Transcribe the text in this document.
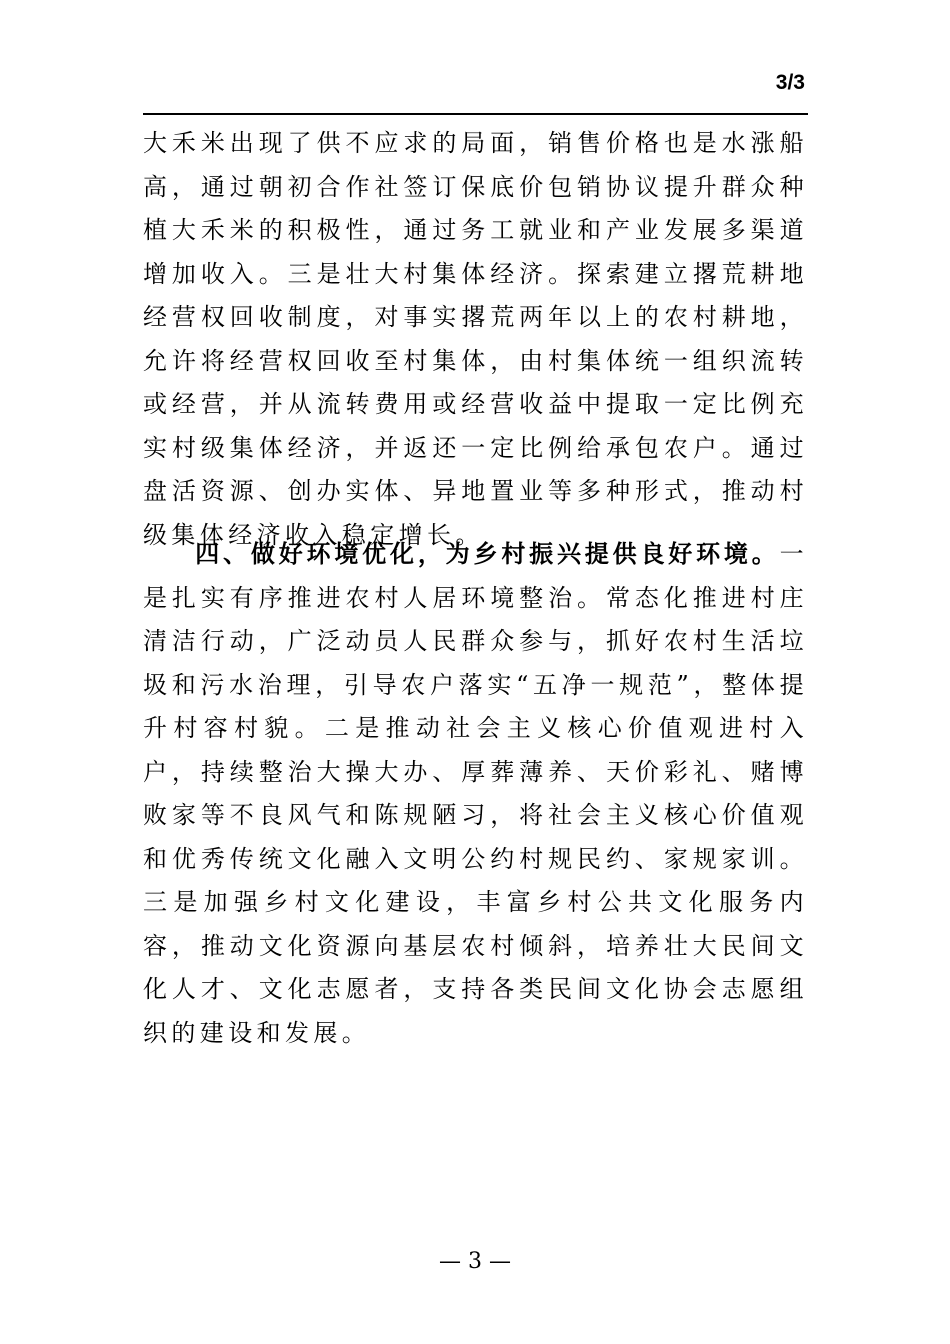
3/3
大禾米出现了供不应求的局面，销售价格也是水涨船高，通过朝初合作社签订保底价包销协议提升群众种植大禾米的积极性，通过务工就业和产业发展多渠道增加收入。三是壮大村集体经济。探索建立撂荒耕地经营权回收制度，对事实撂荒两年以上的农村耕地，允许将经营权回收至村集体，由村集体统一组织流转或经营，并从流转费用或经营收益中提取一定比例充实村级集体经济，并返还一定比例给承包农户。通过盘活资源、创办实体、异地置业等多种形式，推动村级集体经济收入稳定增长。
四、做好环境优化，为乡村振兴提供良好环境。一是扎实有序推进农村人居环境整治。常态化推进村庄清洁行动，广泛动员人民群众参与，抓好农村生活垃圾和污水治理，引导农户落实“五净一规范”，整体提升村容村貌。二是推动社会主义核心价值观进村入户，持续整治大操大办、厚葬薄养、天价彩礼、赌博败家等不良风气和陈规陋习，将社会主义核心价值观和优秀传统文化融入文明公约村规民约、家规家训。三是加强乡村文化建设，丰富乡村公共文化服务内容，推动文化资源向基层农村倾斜，培养壮大民间文化人才、文化志愿者，支持各类民间文化协会志愿组织的建设和发展。
— 3 —
